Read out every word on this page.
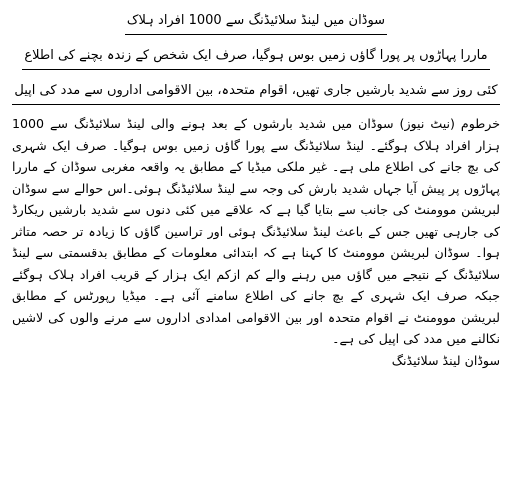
سوڈان میں لینڈ سلائیڈنگ سے 1000 افراد ہلاک
ماررا پہاڑوں پر پورا گاؤں زمیں بوس ہوگیا، صرف ایک شخص کے زندہ بچنے کی اطلاع
کئی روز سے شدید بارشیں جاری تھیں، اقوام متحدہ، بین الاقوامی اداروں سے مدد کی اپیل

خرطوم (نیٹ نیوز) سوڈان میں شدید بارشوں کے بعد ہونے والی لینڈ سلائیڈنگ سے 1000 ہزار افراد ہلاک ہوگئے۔ لینڈ سلائیڈنگ سے پورا گاؤں زمیں بوس ہوگیا۔ صرف ایک شہری کی بچ جانے کی اطلاع ملی ہے۔ غیر ملکی میڈیا کے مطابق یہ واقعہ مغربی سوڈان کے ماررا پہاڑوں پر پیش آیا جہاں شدید بارش کی وجہ سے لینڈ سلائیڈنگ ہوئی۔اس حوالے سے سوڈان لبریشن موومنٹ کی جانب سے بتایا گیا ہے کہ علاقے میں کئی دنوں سے شدید بارشیں ریکارڈ کی جارہی تھیں جس کے باعث لینڈ سلائیڈنگ ہوئی اور تراسین گاؤں کا زیادہ تر حصہ متاثر ہوا۔ سوڈان لبریشن موومنٹ کا کہنا ہے کہ ابتدائی معلومات کے مطابق بدقسمتی سے لینڈ سلائیڈنگ کے نتیجے میں گاؤں میں رہنے والے کم ازکم ایک ہزار کے قریب افراد ہلاک ہوگئے جبکہ صرف ایک شہری کے بچ جانے کی اطلاع سامنے آئی ہے۔ میڈیا رپورٹس کے مطابق لبریشن موومنٹ نے اقوام متحدہ اور بین الاقوامی امدادی اداروں سے مرنے والوں کی لاشیں نکالنے میں مدد کی اپیل کی ہے۔

سوڈان لینڈ سلائیڈنگ
